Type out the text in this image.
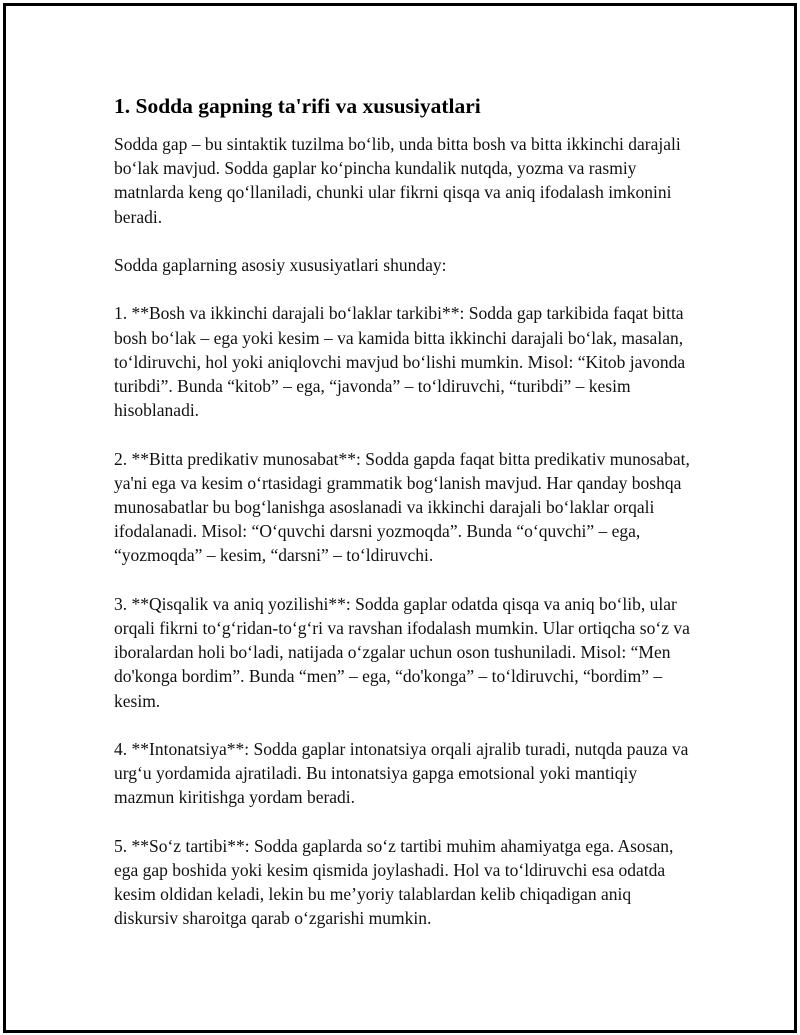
1. Sodda gapning ta'rifi va xususiyatlari

Sodda gap – bu sintaktik tuzilma bo‘lib, unda bitta bosh va bitta ikkinchi darajali bo‘lak mavjud. Sodda gaplar ko‘pincha kundalik nutqda, yozma va rasmiy matnlarda keng qo‘llaniladi, chunki ular fikrni qisqa va aniq ifodalash imkonini beradi.

Sodda gaplarning asosiy xususiyatlari shunday:

1. **Bosh va ikkinchi darajali bo‘laklar tarkibi**: Sodda gap tarkibida faqat bitta bosh bo‘lak – ega yoki kesim – va kamida bitta ikkinchi darajali bo‘lak, masalan, to‘ldiruvchi, hol yoki aniqlovchi mavjud bo‘lishi mumkin. Misol: “Kitob javonda turibdi”. Bunda “kitob” – ega, “javonda” – to‘ldiruvchi, “turibdi” – kesim hisoblanadi.

2. **Bitta predikativ munosabat**: Sodda gapda faqat bitta predikativ munosabat, ya'ni ega va kesim o‘rtasidagi grammatik bog‘lanish mavjud. Har qanday boshqa munosabatlar bu bog‘lanishga asoslanadi va ikkinchi darajali bo‘laklar orqali ifodalanadi. Misol: “O‘quvchi darsni yozmoqda”. Bunda “o‘quvchi” – ega, “yozmoqda” – kesim, “darsni” – to‘ldiruvchi.

3. **Qisqalik va aniq yozilishi**: Sodda gaplar odatda qisqa va aniq bo‘lib, ular orqali fikrni to‘g‘ridan-to‘g‘ri va ravshan ifodalash mumkin. Ular ortiqcha so‘z va iboralardan holi bo‘ladi, natijada o‘zgalar uchun oson tushuniladi. Misol: “Men do'konga bordim”. Bunda “men” – ega, “do'konga” – to‘ldiruvchi, “bordim” – kesim.

4. **Intonatsiya**: Sodda gaplar intonatsiya orqali ajralib turadi, nutqda pauza va urg‘u yordamida ajratiladi. Bu intonatsiya gapga emotsional yoki mantiqiy mazmun kiritishga yordam beradi.

5. **So‘z tartibi**: Sodda gaplarda so‘z tartibi muhim ahamiyatga ega. Asosan, ega gap boshida yoki kesim qismida joylashadi. Hol va to‘ldiruvchi esa odatda kesim oldidan keladi, lekin bu me’yoriy talablardan kelib chiqadigan aniq diskursiv sharoitga qarab o‘zgarishi mumkin.
